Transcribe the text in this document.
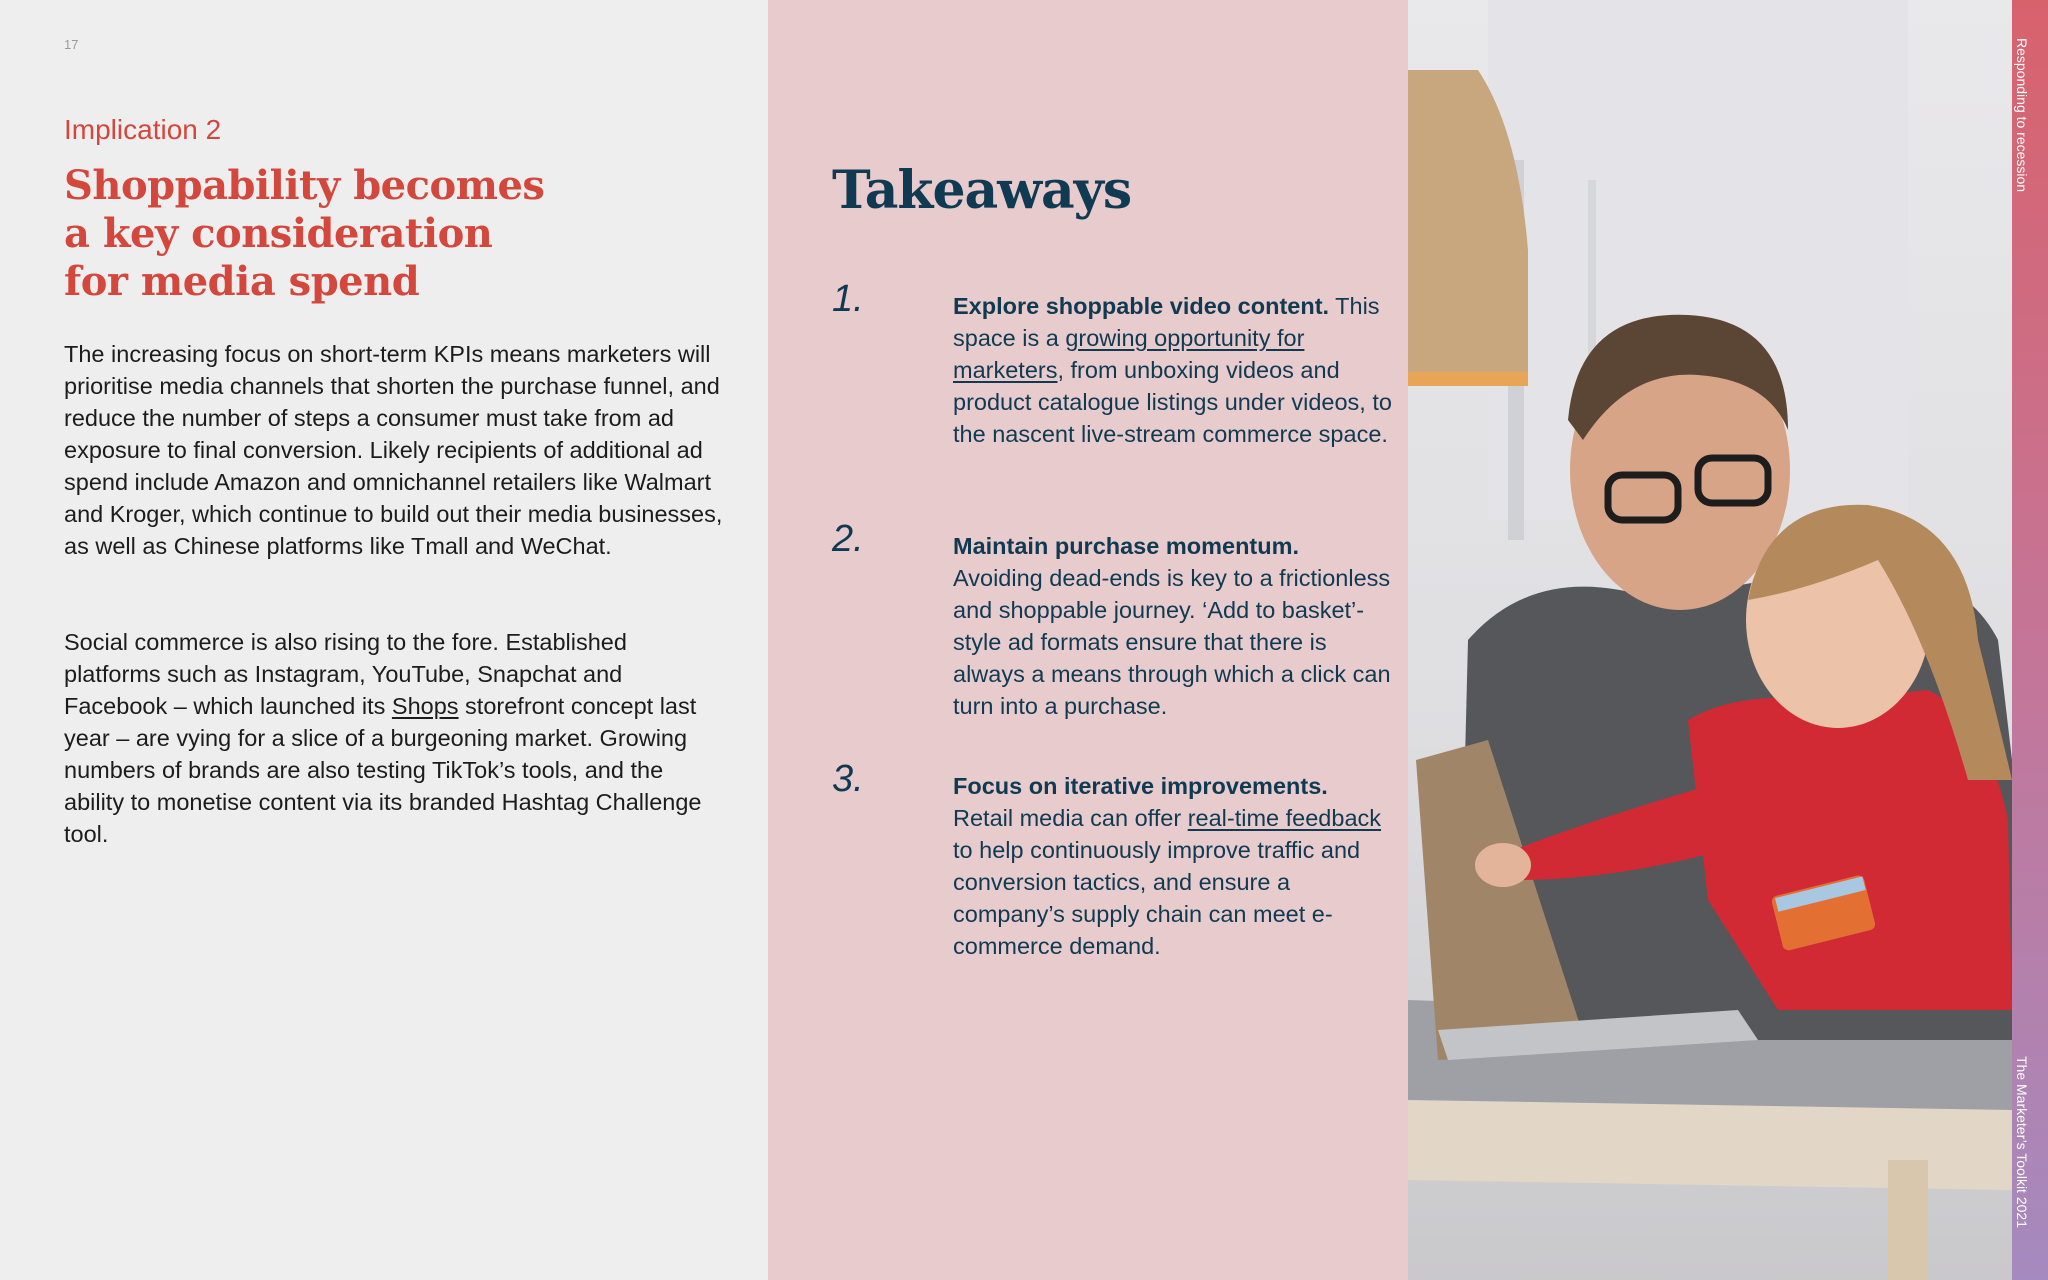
17
Implication 2
Shoppability becomes
a key consideration
for media spend

The increasing focus on short-term KPIs means marketers will prioritise media channels that shorten the purchase funnel, and reduce the number of steps a consumer must take from ad exposure to final conversion. Likely recipients of additional ad spend include Amazon and omnichannel retailers like Walmart and Kroger, which continue to build out their media businesses, as well as Chinese platforms like Tmall and WeChat.

Social commerce is also rising to the fore. Established platforms such as Instagram, YouTube, Snapchat and Facebook – which launched its Shops storefront concept last year – are vying for a slice of a burgeoning market. Growing numbers of brands are also testing TikTok’s tools, and the ability to monetise content via its branded Hashtag Challenge tool.

Takeaways
1.	Explore shoppable video content. This space is a growing opportunity for marketers, from unboxing videos and product catalogue listings under videos, to the nascent live-stream commerce space.

2.	Maintain purchase momentum. Avoiding dead-ends is key to a frictionless and shoppable journey. ‘Add to basket’-style ad formats ensure that there is always a means through which a click can turn into a purchase.

3.	Focus on iterative improvements. Retail media can offer real-time feedback to help continuously improve traffic and conversion tactics, and ensure a company’s supply chain can meet e-commerce demand.

Responding to recession
The Marketer’s Toolkit 2021
